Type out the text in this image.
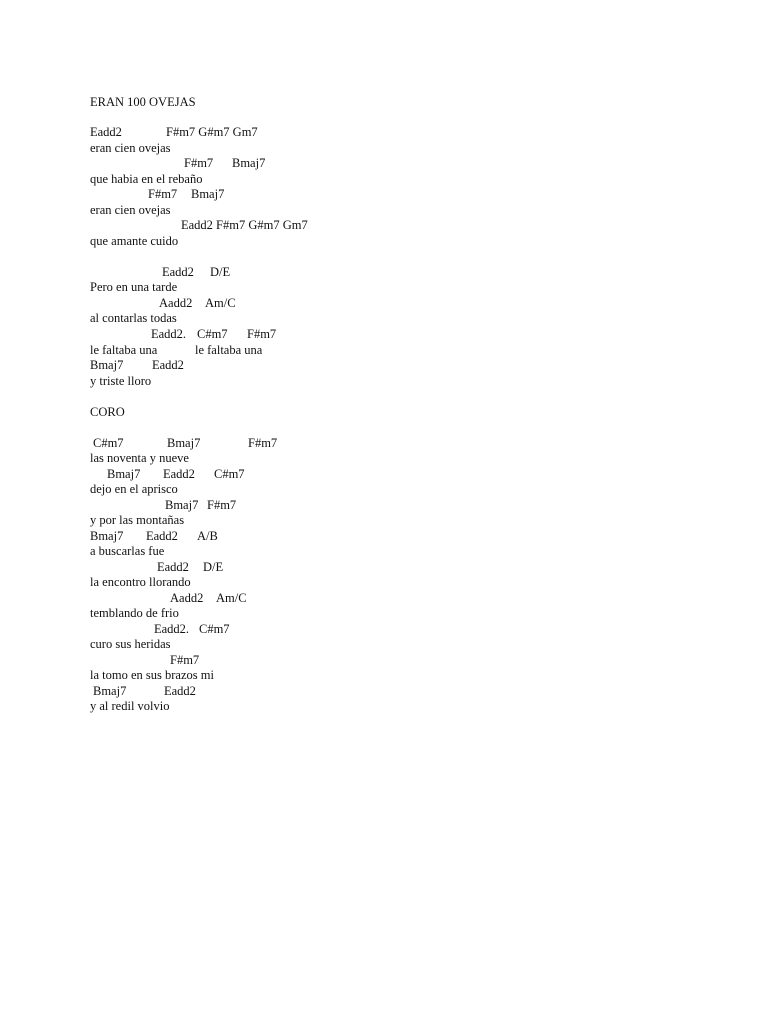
ERAN 100 OVEJAS
Eadd2	F#m7 G#m7 Gm7
eran cien ovejas
F#m7 Bmaj7
que habia en el rebaño
F#m7 Bmaj7
eran cien ovejas
Eadd2 F#m7 G#m7 Gm7
que amante cuido
Eadd2 D/E
Pero en una tarde
Aadd2 Am/C
al contarlas todas
Eadd2. C#m7 F#m7
le faltaba una	le faltaba una
Bmaj7 Eadd2
y triste lloro
CORO
C#m7	Bmaj7	F#m7
las noventa y nueve
Bmaj7 Eadd2 C#m7
dejo en el aprisco
Bmaj7 F#m7
y por las montañas
Bmaj7 Eadd2 A/B
a buscarlas fue
Eadd2 D/E
la encontro llorando
Aadd2 Am/C
temblando de frio
Eadd2. C#m7
curo sus heridas
F#m7
la tomo en sus brazos mi
Bmaj7	Eadd2
y al redil volvio
